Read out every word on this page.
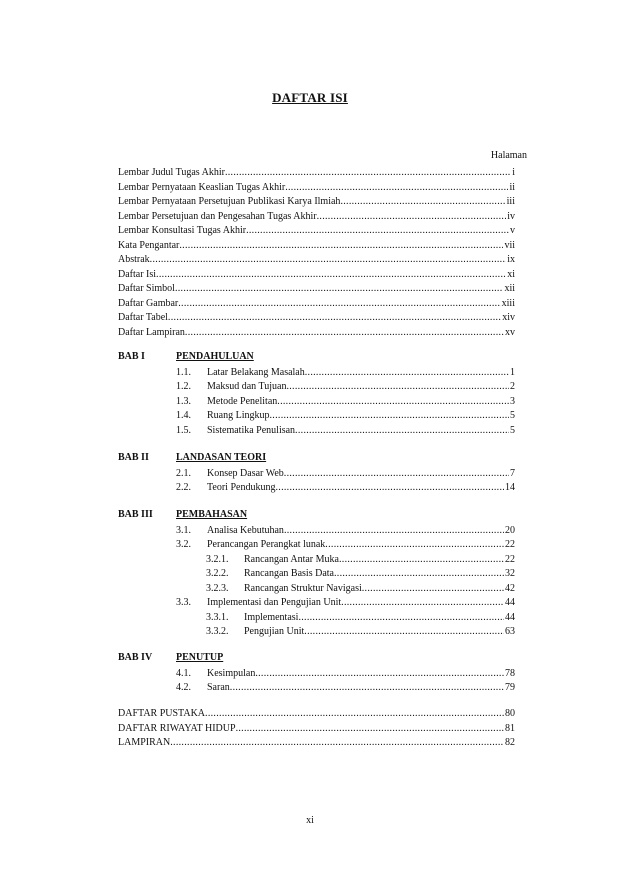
DAFTAR ISI
Halaman
Lembar Judul Tugas Akhir .....	i
Lembar Pernyataan Keaslian Tugas Akhir .....	ii
Lembar Pernyataan Persetujuan Publikasi Karya Ilmiah .....	iii
Lembar Persetujuan dan Pengesahan Tugas Akhir .....	iv
Lembar Konsultasi Tugas Akhir .....	v
Kata Pengantar .....	vii
Abstrak .....	ix
Daftar Isi .....	xi
Daftar Simbol .....	xii
Daftar Gambar .....	xiii
Daftar Tabel .....	xiv
Daftar Lampiran .....	xv
BAB I	PENDAHULUAN
1.1.	Latar Belakang Masalah .....	1
1.2.	Maksud dan Tujuan .....	2
1.3.	Metode Penelitan .....	3
1.4.	Ruang Lingkup .....	5
1.5.	Sistematika Penulisan .....	5
BAB II	LANDASAN TEORI
2.1.	Konsep Dasar Web .....	7
2.2.	Teori Pendukung .....	14
BAB III PEMBAHASAN
3.1.	Analisa Kebutuhan .....	20
3.2.	Perancangan Perangkat lunak .....	22
3.2.1.	Rancangan Antar Muka .....	22
3.2.2.	Rancangan Basis Data .....	32
3.2.3.	Rancangan Struktur Navigasi .....	42
3.3.	Implementasi dan Pengujian Unit .....	44
3.3.1.	Implementasi .....	44
3.3.2.	Pengujian Unit .....	63
BAB IV PENUTUP
4.1.	Kesimpulan .....	78
4.2.	Saran .....	79
DAFTAR PUSTAKA .....	80
DAFTAR RIWAYAT HIDUP .....	81
LAMPIRAN .....	82
xi
